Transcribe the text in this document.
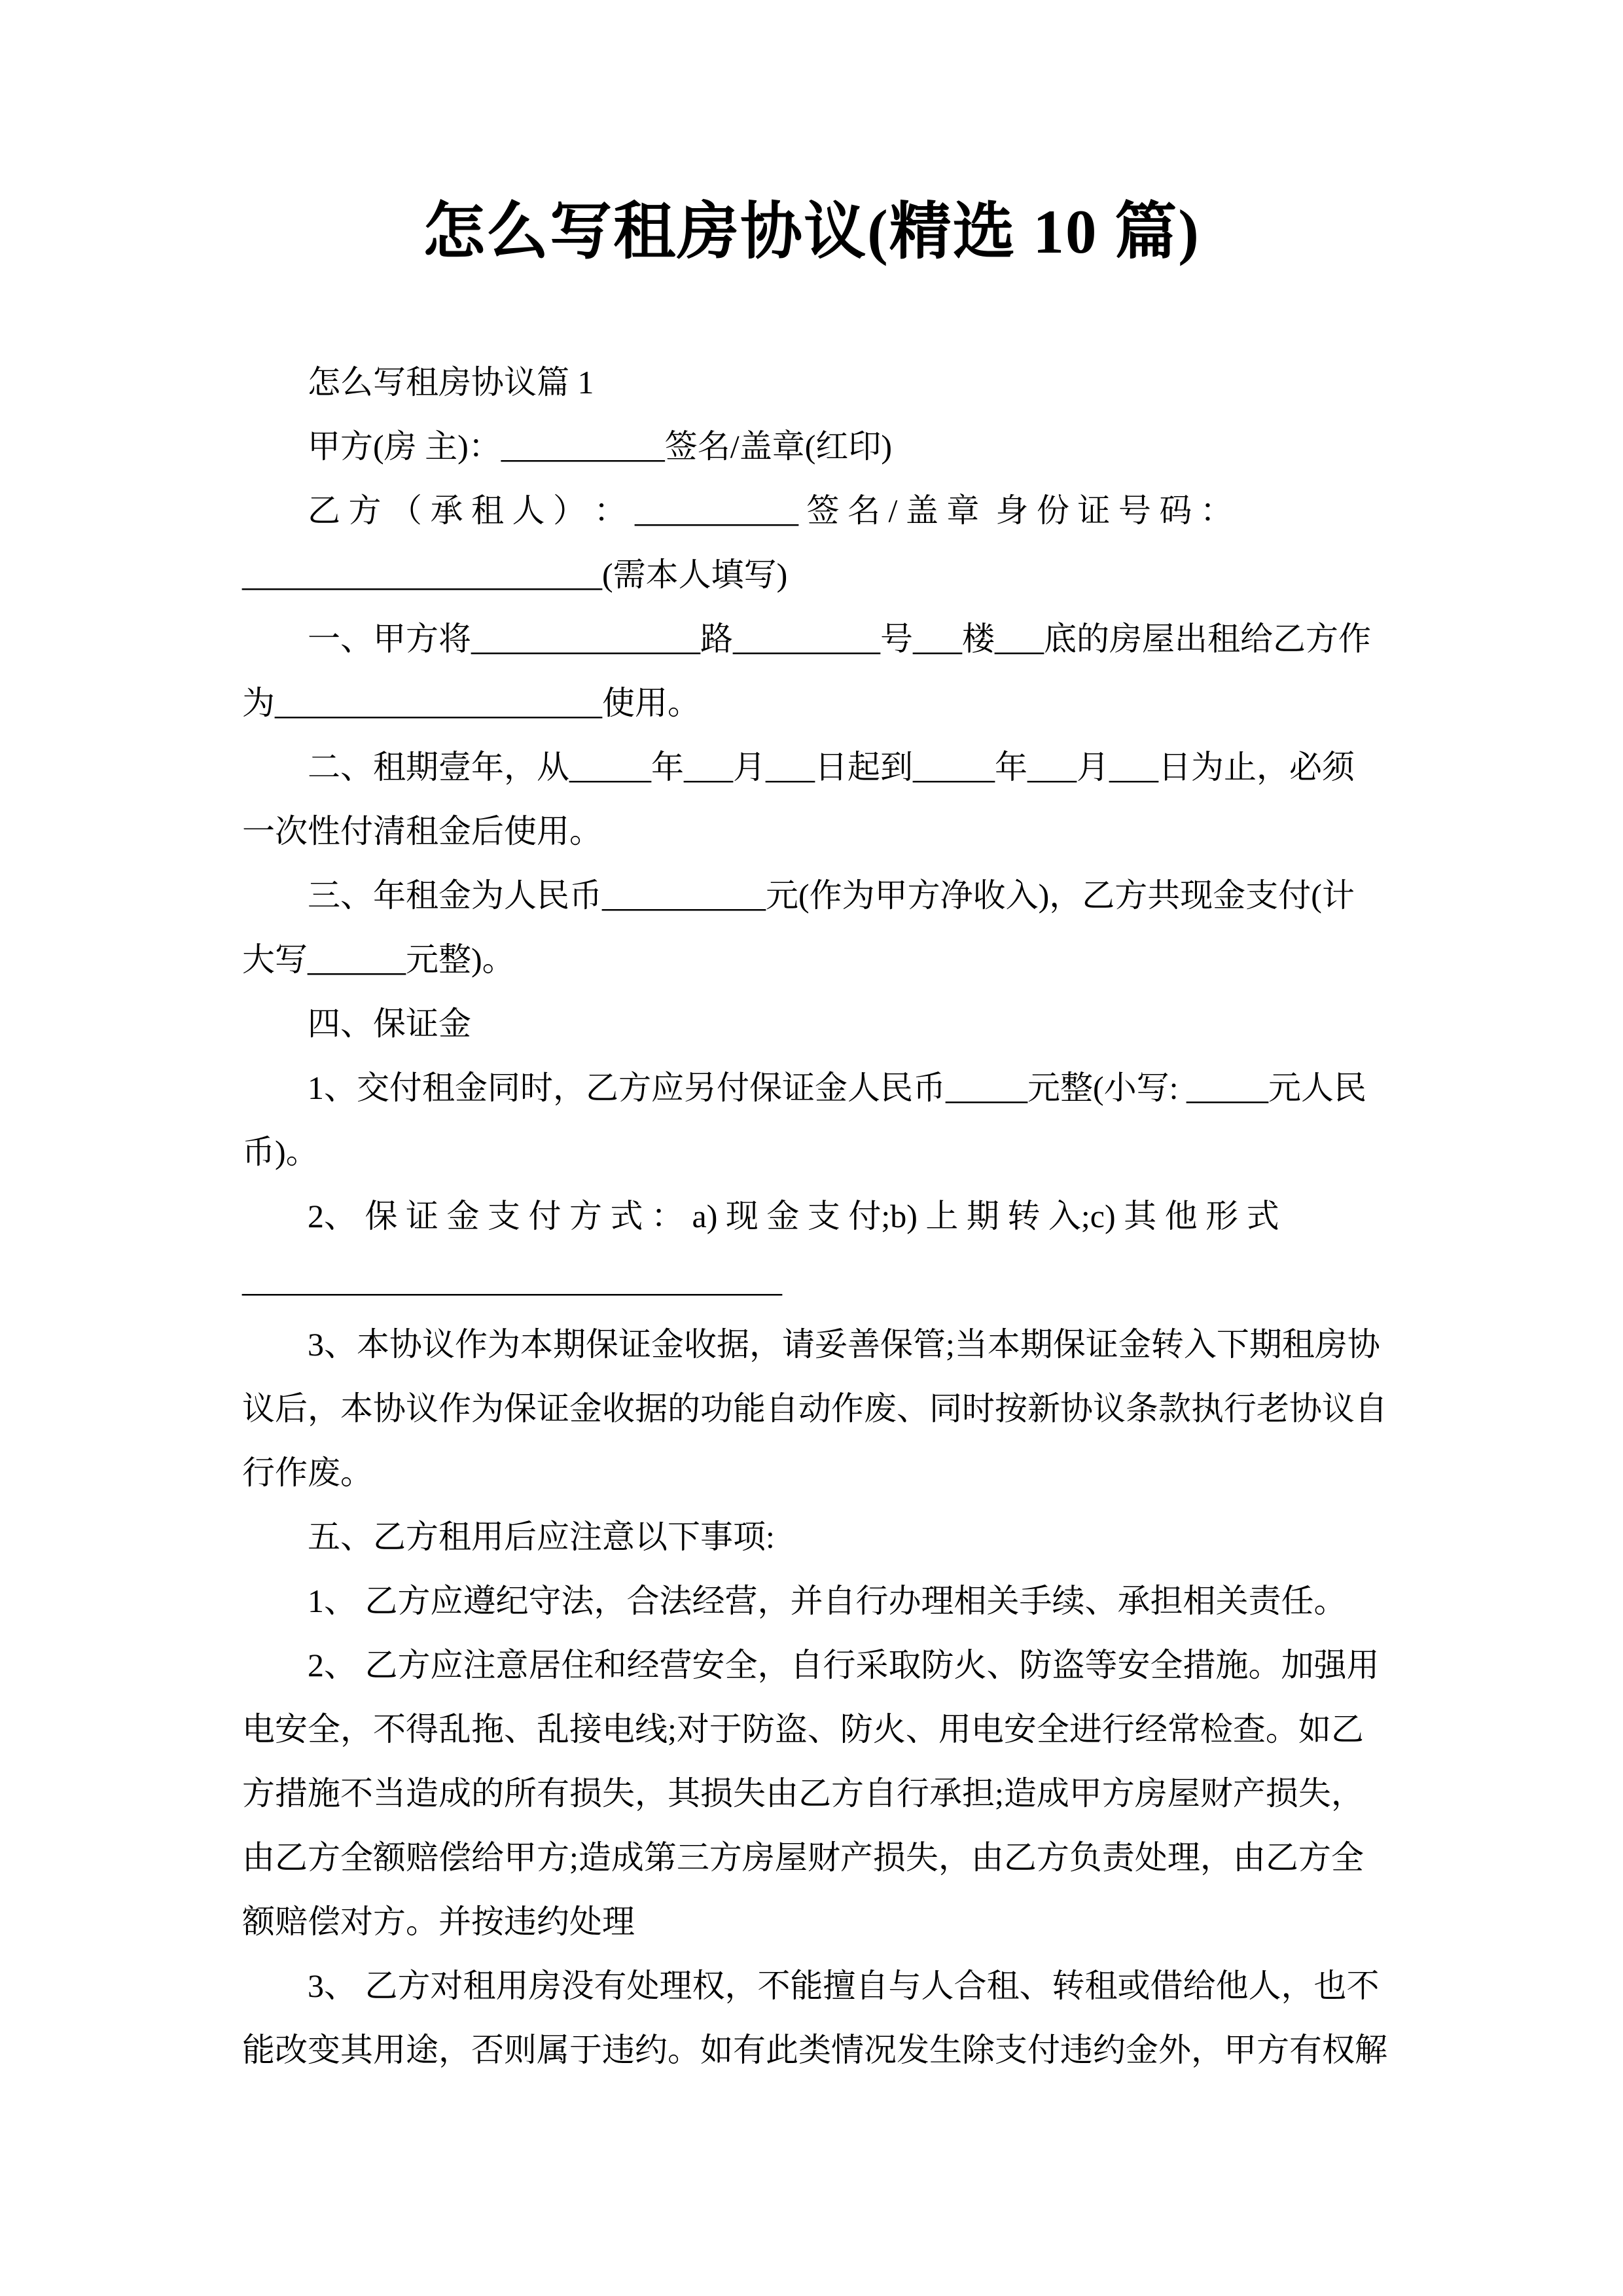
怎么写租房协议(精选 10 篇)
怎么写租房协议篇 1
甲方(房 主)：__________签名/盖章(红印)
乙 方 （ 承 租 人 ） ： __________ 签 名 / 盖 章  身 份 证 号 码 ：
______________________(需本人填写)
一、甲方将______________路_________号___楼___底的房屋出租给乙方作
为____________________使用。
二、租期壹年，从_____年___月___日起到_____年___月___日为止，必须
一次性付清租金后使用。
三、年租金为人民币__________元(作为甲方净收入)，乙方共现金支付(计
大写______元整)。
四、保证金
1、交付租金同时，乙方应另付保证金人民币_____元整(小写: _____元人民
币)。
2、 保 证 金 支 付 方 式 ： a) 现 金 支 付;b) 上 期 转 入;c) 其 他 形 式
_________________________________
3、本协议作为本期保证金收据，请妥善保管;当本期保证金转入下期租房协
议后，本协议作为保证金收据的功能自动作废、同时按新协议条款执行老协议自
行作废。
五、乙方租用后应注意以下事项:
1、 乙方应遵纪守法，合法经营，并自行办理相关手续、承担相关责任。
2、 乙方应注意居住和经营安全，自行采取防火、防盗等安全措施。加强用
电安全，不得乱拖、乱接电线;对于防盗、防火、用电安全进行经常检查。如乙
方措施不当造成的所有损失，其损失由乙方自行承担;造成甲方房屋财产损失，
由乙方全额赔偿给甲方;造成第三方房屋财产损失，由乙方负责处理，由乙方全
额赔偿对方。并按违约处理
3、 乙方对租用房没有处理权，不能擅自与人合租、转租或借给他人，也不
能改变其用途，否则属于违约。如有此类情况发生除支付违约金外，甲方有权解
